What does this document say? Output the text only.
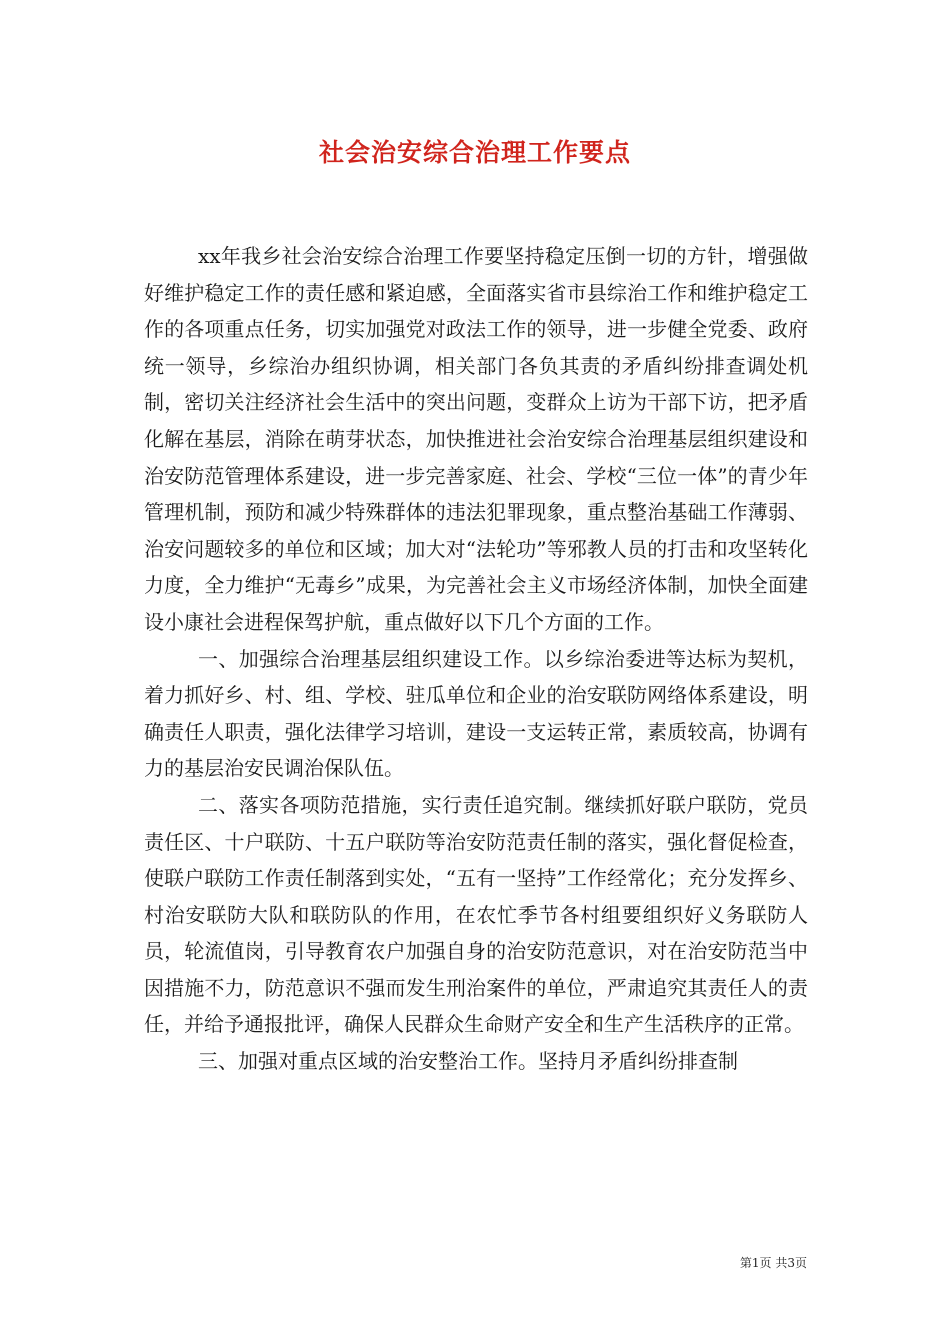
社会治安综合治理工作要点

xx年我乡社会治安综合治理工作要坚持稳定压倒一切的方针，增强做好维护稳定工作的责任感和紧迫感，全面落实省市县综治工作和维护稳定工作的各项重点任务，切实加强党对政法工作的领导，进一步健全党委、政府统一领导，乡综治办组织协调，相关部门各负其责的矛盾纠纷排查调处机制，密切关注经济社会生活中的突出问题，变群众上访为干部下访，把矛盾化解在基层，消除在萌芽状态，加快推进社会治安综合治理基层组织建设和治安防范管理体系建设，进一步完善家庭、社会、学校“三位一体”的青少年管理机制，预防和减少特殊群体的违法犯罪现象，重点整治基础工作薄弱、治安问题较多的单位和区域；加大对“法轮功”等邪教人员的打击和攻坚转化力度，全力维护“无毒乡”成果，为完善社会主义市场经济体制，加快全面建设小康社会进程保驾护航，重点做好以下几个方面的工作。

一、加强综合治理基层组织建设工作。以乡综治委进等达标为契机，着力抓好乡、村、组、学校、驻瓜单位和企业的治安联防网络体系建设，明确责任人职责，强化法律学习培训，建设一支运转正常，素质较高，协调有力的基层治安民调治保队伍。

二、落实各项防范措施，实行责任追究制。继续抓好联户联防，党员责任区、十户联防、十五户联防等治安防范责任制的落实，强化督促检查，使联户联防工作责任制落到实处，“五有一坚持”工作经常化；充分发挥乡、村治安联防大队和联防队的作用，在农忙季节各村组要组织好义务联防人员，轮流值岗，引导教育农户加强自身的治安防范意识，对在治安防范当中因措施不力，防范意识不强而发生刑治案件的单位，严肃追究其责任人的责任，并给予通报批评，确保人民群众生命财产安全和生产生活秩序的正常。

三、加强对重点区域的治安整治工作。坚持月矛盾纠纷排查制

第1页 共3页
